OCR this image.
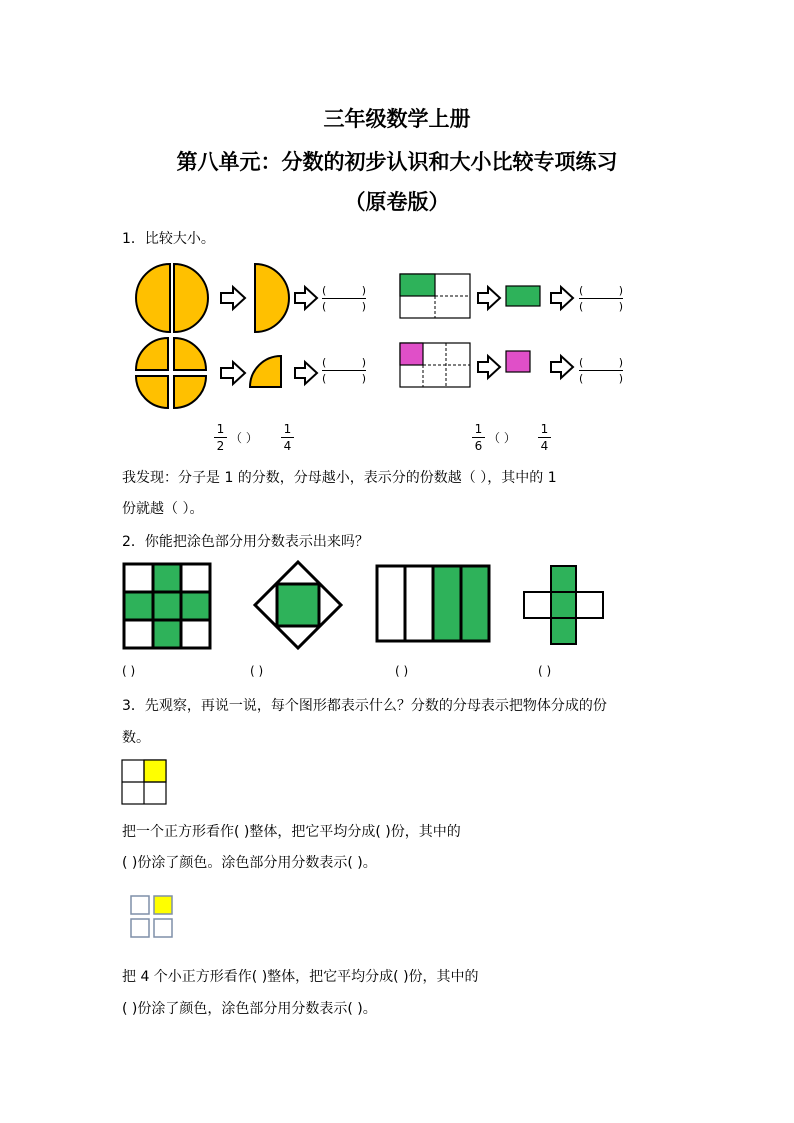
三年级数学上册
第八单元：分数的初步认识和大小比较专项练习
（原卷版）
1．比较大小。
(	)
(	)
(	)
(	)
(	)
(	)
(	)
(	)
1
2
（ ）
1
4
1
6
（ ）
1
4
我发现：分子是 1 的分数，分母越小，表示分的份数越（ ），其中的 1
份就越（ ）。
2．你能把涂色部分用分数表示出来吗？
( )	( )	( )	( )
3．先观察，再说一说，每个图形都表示什么？分数的分母表示把物体分成的份
数。
把一个正方形看作( )整体，把它平均分成( )份，其中的
( )份涂了颜色。涂色部分用分数表示( )。
把 4 个小正方形看作( )整体，把它平均分成( )份，其中的
( )份涂了颜色，涂色部分用分数表示( )。
